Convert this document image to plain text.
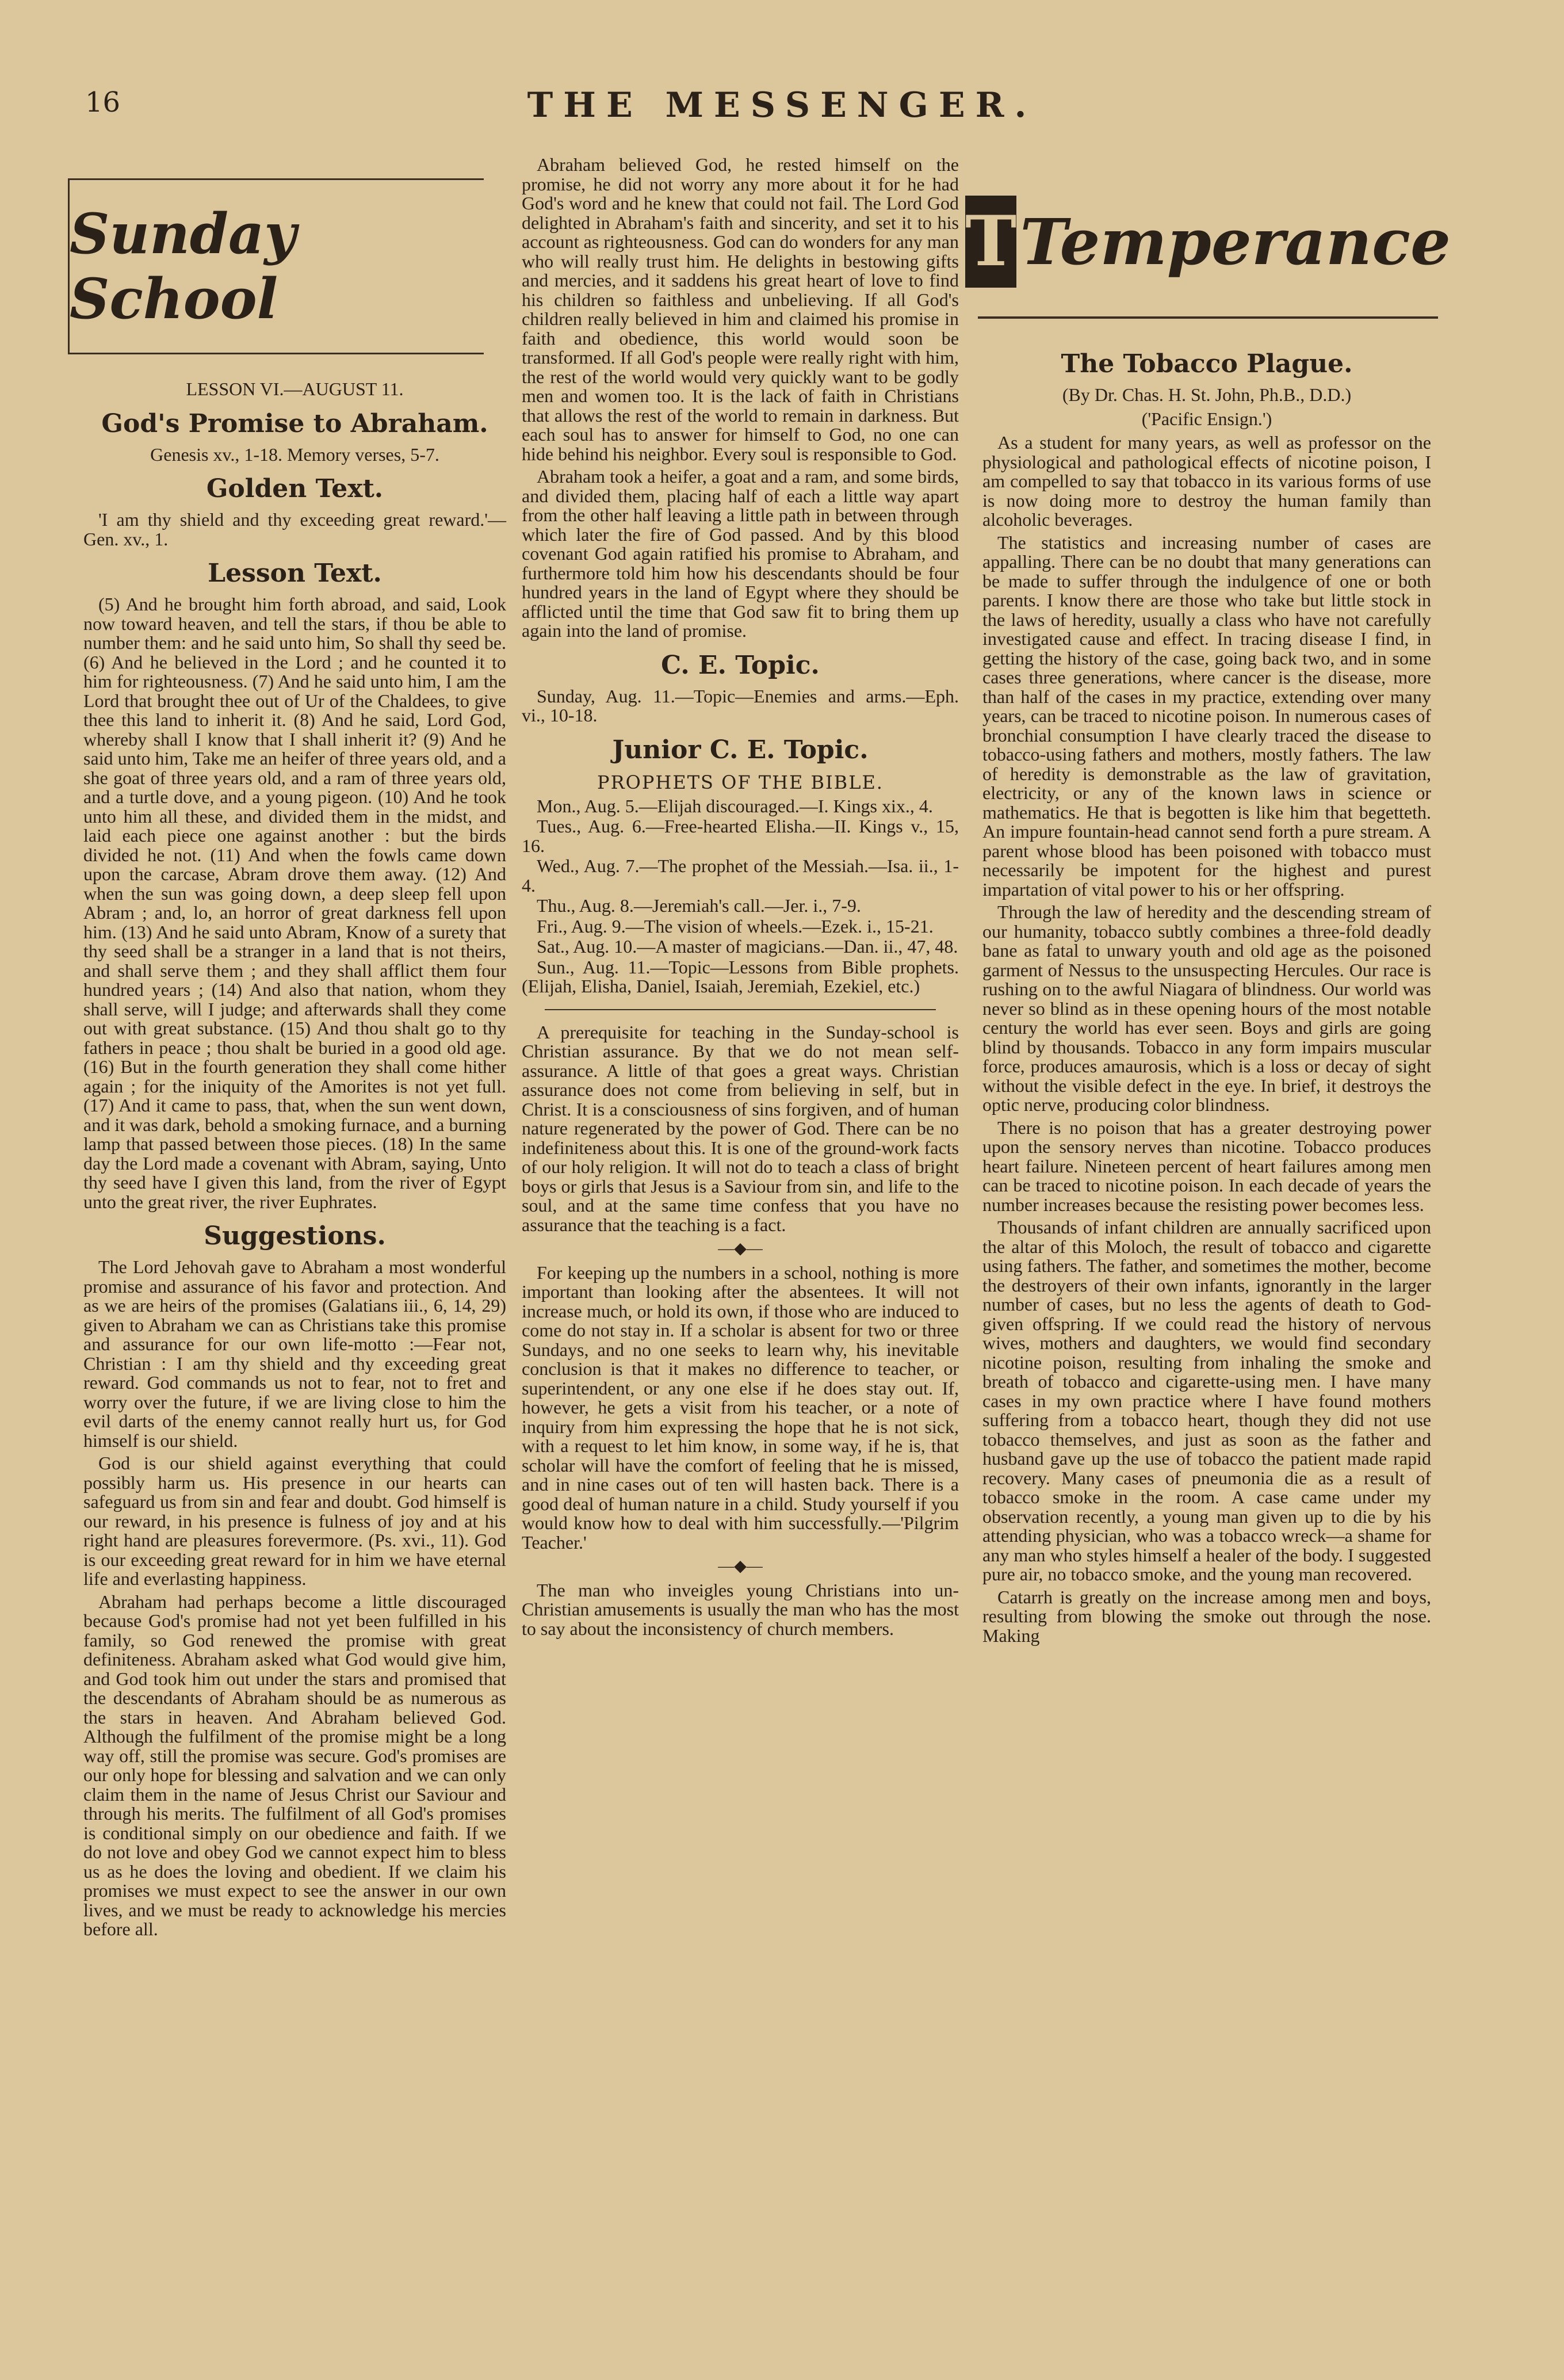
16	THE MESSENGER.
Sunday School
LESSON VI.—AUGUST 11.
God's Promise to Abraham.
Genesis xv., 1-18. Memory verses, 5-7.
Golden Text.

'I am thy shield and thy exceeding great reward.'—Gen. xv., 1.

Lesson Text.

(5) And he brought him forth abroad, and said, Look now toward heaven, and tell the stars, if thou be able to number them: and he said unto him, So shall thy seed be. (6) And he believed in the Lord ; and he counted it to him for righteousness. (7) And he said unto him, I am the Lord that brought thee out of Ur of the Chaldees, to give thee this land to inherit it. (8) And he said, Lord God, whereby shall I know that I shall inherit it? (9) And he said unto him, Take me an heifer of three years old, and a she goat of three years old, and a ram of three years old, and a turtle dove, and a young pigeon. (10) And he took unto him all these, and divided them in the midst, and laid each piece one against another : but the birds divided he not. (11) And when the fowls came down upon the carcase, Abram drove them away. (12) And when the sun was going down, a deep sleep fell upon Abram ; and, lo, an horror of great darkness fell upon him. (13) And he said unto Abram, Know of a surety that thy seed shall be a stranger in a land that is not theirs, and shall serve them ; and they shall afflict them four hundred years ; (14) And also that nation, whom they shall serve, will I judge; and afterwards shall they come out with great substance. (15) And thou shalt go to thy fathers in peace ; thou shalt be buried in a good old age. (16) But in the fourth generation they shall come hither again ; for the iniquity of the Amorites is not yet full. (17) And it came to pass, that, when the sun went down, and it was dark, behold a smoking furnace, and a burning lamp that passed between those pieces. (18) In the same day the Lord made a covenant with Abram, saying, Unto thy seed have I given this land, from the river of Egypt unto the great river, the river Euphrates.

Suggestions.

The Lord Jehovah gave to Abraham a most wonderful promise and assurance of his favor and protection. And as we are heirs of the promises (Galatians iii., 6, 14, 29) given to Abraham we can as Christians take this promise and assurance for our own life-motto :—Fear not, Christian : I am thy shield and thy exceeding great reward. God commands us not to fear, not to fret and worry over the future, if we are living close to him the evil darts of the enemy cannot really hurt us, for God himself is our shield.

God is our shield against everything that could possibly harm us. His presence in our hearts can safeguard us from sin and fear and doubt. God himself is our reward, in his presence is fulness of joy and at his right hand are pleasures forevermore. (Ps. xvi., 11). God is our exceeding great reward for in him we have eternal life and everlasting happiness.

Abraham had perhaps become a little discouraged because God's promise had not yet been fulfilled in his family, so God renewed the promise with great definiteness. Abraham asked what God would give him, and God took him out under the stars and promised that the descendants of Abraham should be as numerous as the stars in heaven. And Abraham believed God. Although the fulfilment of the promise might be a long way off, still the promise was secure. God's promises are our only hope for blessing and salvation and we can only claim them in the name of Jesus Christ our Saviour and through his merits. The fulfilment of all God's promises is conditional simply on our obedience and faith. If we do not love and obey God we cannot expect him to bless us as he does the loving and obedient. If we claim his promises we must expect to see the answer in our own lives, and we must be ready to acknowledge his mercies before all.

Abraham believed God, he rested himself on the promise, he did not worry any more about it for he had God's word and he knew that could not fail. The Lord God delighted in Abraham's faith and sincerity, and set it to his account as righteousness. God can do wonders for any man who will really trust him. He delights in bestowing gifts and mercies, and it saddens his great heart of love to find his children so faithless and unbelieving. If all God's children really believed in him and claimed his promise in faith and obedience, this world would soon be transformed. If all God's people were really right with him, the rest of the world would very quickly want to be godly men and women too. It is the lack of faith in Christians that allows the rest of the world to remain in darkness. But each soul has to answer for himself to God, no one can hide behind his neighbor. Every soul is responsible to God.

Abraham took a heifer, a goat and a ram, and some birds, and divided them, placing half of each a little way apart from the other half leaving a little path in between through which later the fire of God passed. And by this blood covenant God again ratified his promise to Abraham, and furthermore told him how his descendants should be four hundred years in the land of Egypt where they should be afflicted until the time that God saw fit to bring them up again into the land of promise.

C. E. Topic.

Sunday, Aug. 11.—Topic—Enemies and arms.—Eph. vi., 10-18.

Junior C. E. Topic.
PROPHETS OF THE BIBLE.

Mon., Aug. 5.—Elijah discouraged.—I. Kings xix., 4.

Tues., Aug. 6.—Free-hearted Elisha.—II. Kings v., 15, 16.

Wed., Aug. 7.—The prophet of the Messiah.—Isa. ii., 1-4.

Thu., Aug. 8.—Jeremiah's call.—Jer. i., 7-9.

Fri., Aug. 9.—The vision of wheels.—Ezek. i., 15-21.

Sat., Aug. 10.—A master of magicians.—Dan. ii., 47, 48.

Sun., Aug. 11.—Topic—Lessons from Bible prophets. (Elijah, Elisha, Daniel, Isaiah, Jeremiah, Ezekiel, etc.)

A prerequisite for teaching in the Sunday-school is Christian assurance. By that we do not mean self-assurance. A little of that goes a great ways. Christian assurance does not come from believing in self, but in Christ. It is a consciousness of sins forgiven, and of human nature regenerated by the power of God. There can be no indefiniteness about this. It is one of the ground-work facts of our holy religion. It will not do to teach a class of bright boys or girls that Jesus is a Saviour from sin, and life to the soul, and at the same time confess that you have no assurance that the teaching is a fact.

—◆—

For keeping up the numbers in a school, nothing is more important than looking after the absentees. It will not increase much, or hold its own, if those who are induced to come do not stay in. If a scholar is absent for two or three Sundays, and no one seeks to learn why, his inevitable conclusion is that it makes no difference to teacher, or superintendent, or any one else if he does stay out. If, however, he gets a visit from his teacher, or a note of inquiry from him expressing the hope that he is not sick, with a request to let him know, in some way, if he is, that scholar will have the comfort of feeling that he is missed, and in nine cases out of ten will hasten back. There is a good deal of human nature in a child. Study yourself if you would know how to deal with him successfully.—'Pilgrim Teacher.'

—◆—

The man who inveigles young Christians into un-Christian amusements is usually the man who has the most to say about the inconsistency of church members.

T Temperance
The Tobacco Plague.
(By Dr. Chas. H. St. John, Ph.B., D.D.)
('Pacific Ensign.')

As a student for many years, as well as professor on the physiological and pathological effects of nicotine poison, I am compelled to say that tobacco in its various forms of use is now doing more to destroy the human family than alcoholic beverages.

The statistics and increasing number of cases are appalling. There can be no doubt that many generations can be made to suffer through the indulgence of one or both parents. I know there are those who take but little stock in the laws of heredity, usually a class who have not carefully investigated cause and effect. In tracing disease I find, in getting the history of the case, going back two, and in some cases three generations, where cancer is the disease, more than half of the cases in my practice, extending over many years, can be traced to nicotine poison. In numerous cases of bronchial consumption I have clearly traced the disease to tobacco-using fathers and mothers, mostly fathers. The law of heredity is demonstrable as the law of gravitation, electricity, or any of the known laws in science or mathematics. He that is begotten is like him that begetteth. An impure fountain-head cannot send forth a pure stream. A parent whose blood has been poisoned with tobacco must necessarily be impotent for the highest and purest impartation of vital power to his or her offspring.

Through the law of heredity and the descending stream of our humanity, tobacco subtly combines a three-fold deadly bane as fatal to unwary youth and old age as the poisoned garment of Nessus to the unsuspecting Hercules. Our race is rushing on to the awful Niagara of blindness. Our world was never so blind as in these opening hours of the most notable century the world has ever seen. Boys and girls are going blind by thousands. Tobacco in any form impairs muscular force, produces amaurosis, which is a loss or decay of sight without the visible defect in the eye. In brief, it destroys the optic nerve, producing color blindness.

There is no poison that has a greater destroying power upon the sensory nerves than nicotine. Tobacco produces heart failure. Nineteen percent of heart failures among men can be traced to nicotine poison. In each decade of years the number increases because the resisting power becomes less.

Thousands of infant children are annually sacrificed upon the altar of this Moloch, the result of tobacco and cigarette using fathers. The father, and sometimes the mother, become the destroyers of their own infants, ignorantly in the larger number of cases, but no less the agents of death to God-given offspring. If we could read the history of nervous wives, mothers and daughters, we would find secondary nicotine poison, resulting from inhaling the smoke and breath of tobacco and cigarette-using men. I have many cases in my own practice where I have found mothers suffering from a tobacco heart, though they did not use tobacco themselves, and just as soon as the father and husband gave up the use of tobacco the patient made rapid recovery. Many cases of pneumonia die as a result of tobacco smoke in the room. A case came under my observation recently, a young man given up to die by his attending physician, who was a tobacco wreck—a shame for any man who styles himself a healer of the body. I suggested pure air, no tobacco smoke, and the young man recovered.

Catarrh is greatly on the increase among men and boys, resulting from blowing the smoke out through the nose. Making
